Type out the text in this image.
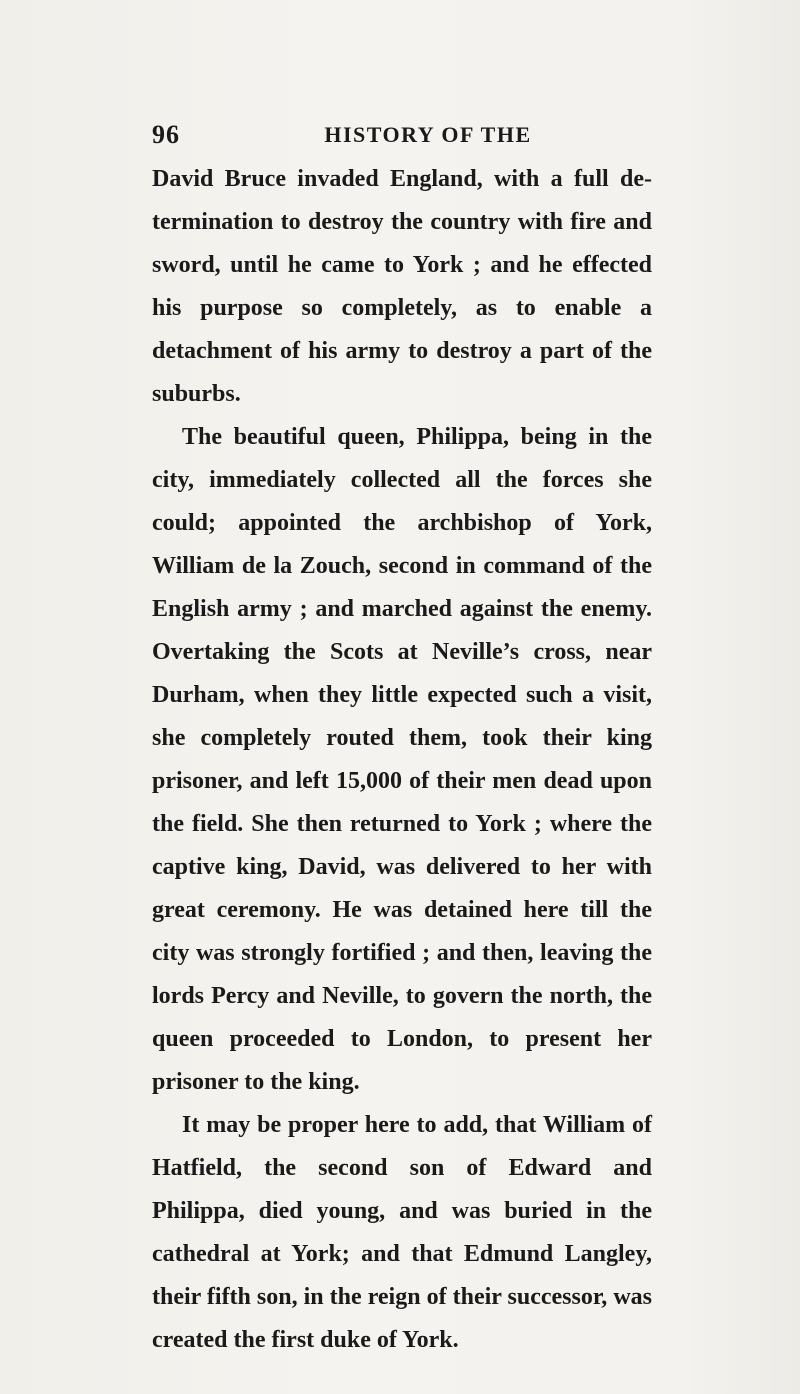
96	HISTORY OF THE

David Bruce invaded England, with a full determination to destroy the country with fire and sword, until he came to York ; and he effected his purpose so completely, as to enable a detachment of his army to destroy a part of the suburbs.

The beautiful queen, Philippa, being in the city, immediately collected all the forces she could; appointed the archbishop of York, William de la Zouch, second in command of the English army ; and marched against the enemy. Overtaking the Scots at Neville’s cross, near Durham, when they little expected such a visit, she completely routed them, took their king prisoner, and left 15,000 of their men dead upon the field. She then returned to York ; where the captive king, David, was delivered to her with great ceremony. He was detained here till the city was strongly fortified ; and then, leaving the lords Percy and Neville, to govern the north, the queen proceeded to London, to present her prisoner to the king.

It may be proper here to add, that William of Hatfield, the second son of Edward and Philippa, died young, and was buried in the cathedral at York; and that Edmund Langley, their fifth son, in the reign of their successor, was created the first duke of York.
